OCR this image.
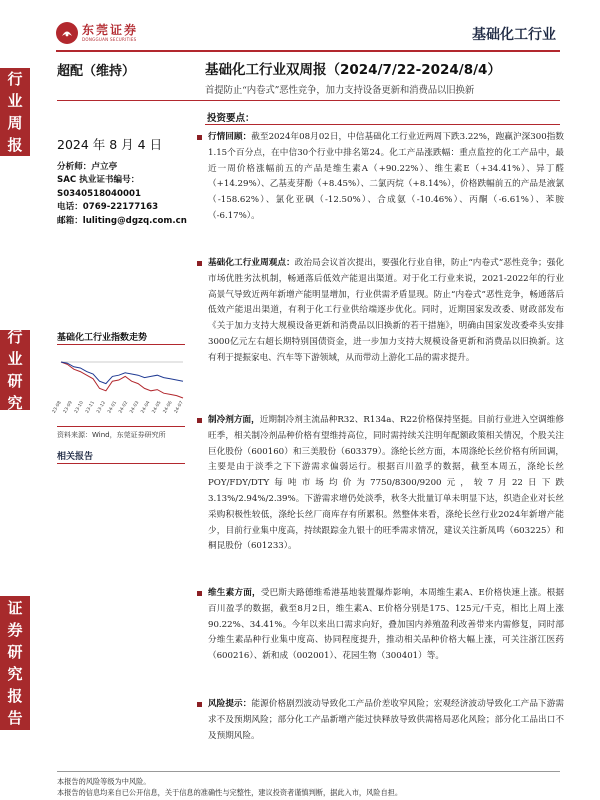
东莞证券
DONGGUAN SECURITIES	基础化工行业
行
业
周
报
行
业
研
究
证
券
研
究
报
告
超配（维持）	基础化工行业双周报（2024/7/22-2024/8/4）
首提防止“内卷式”恶性竞争，加力支持设备更新和消费品以旧换新
2024 年 8 月 4 日
分析师：卢立亭
SAC 执业证书编号：
S0340518040001
电话：0769-22177163
邮箱：luliting@dgzq.com.cn
基础化工行业指数走势
23-08 23-09 23-10 23-11 23-12 24-01 24-02 24-03 24-04 24-05 24-06 24-07
资料来源：Wind，东莞证券研究所
相关报告
投资要点：
行情回顾：截至2024年08月02日，中信基础化工行业近两周下跌3.22%，跑赢沪深300指数1.15个百分点，在中信30个行业中排名第24。化工产品涨跌幅：重点监控的化工产品中，最近一周价格涨幅前五的产品是维生素A（+90.22%）、维生素E（+34.41%）、异丁醛（+14.29%）、乙基麦芽酚（+8.45%）、二氯丙烷（+8.14%），价格跌幅前五的产品是液氯（-158.62%）、氯化亚砜（-12.50%）、合成氨（-10.46%）、丙酮（-6.61%）、苯胺（-6.17%）。
基础化工行业周观点：政治局会议首次提出，要强化行业自律，防止“内卷式”恶性竞争；强化市场优胜劣汰机制，畅通落后低效产能退出渠道。对于化工行业来说，2021-2022年的行业高景气导致近两年新增产能明显增加，行业供需矛盾显现。防止“内卷式”恶性竞争，畅通落后低效产能退出渠道，有利于化工行业供给端逐步优化。同时，近期国家发改委、财政部发布《关于加力支持大规模设备更新和消费品以旧换新的若干措施》，明确由国家发改委牵头安排3000亿元左右超长期特别国债资金，进一步加力支持大规模设备更新和消费品以旧换新。这有利于提振家电、汽车等下游领域，从而带动上游化工品的需求提升。
制冷剂方面，近期制冷剂主流品种R32、R134a、R22价格保持坚挺。目前行业进入空调维修旺季，相关制冷剂品种价格有望维持高位，同时需持续关注明年配额政策相关情况，个股关注巨化股份（600160）和三美股份（603379）。涤纶长丝方面，本周涤纶长丝价格有所回调，主要是由于淡季之下下游需求偏弱运行。根据百川盈孚的数据，截至本周五，涤纶长丝POY/FDY/DTY每吨市场均价为7750/8300/9200元，较7月22日下跌3.13%/2.94%/2.39%。下游需求增仍处淡季，秋冬大批量订单未明显下达，织造企业对长丝采购积极性较低，涤纶长丝厂商库存有所累积。然整体来看，涤纶长丝行业2024年新增产能少，目前行业集中度高，持续跟踪金九银十的旺季需求情况，建议关注新凤鸣（603225）和桐昆股份（601233）。
维生素方面，受巴斯夫路德维希港基地装置爆炸影响，本周维生素A、E价格快速上涨。根据百川盈孚的数据，截至8月2日，维生素A、E价格分别是175、125元/千克，相比上周上涨90.22%、34.41%。今年以来出口需求向好，叠加国内养殖盈利改善带来内需修复，同时部分维生素品种行业集中度高、协同程度提升，推动相关品种价格大幅上涨，可关注浙江医药（600216）、新和成（002001）、花园生物（300401）等。
风险提示：能源价格剧烈波动导致化工产品价差收窄风险；宏观经济波动导致化工产品下游需求不及预期风险；部分化工产品新增产能过快释放导致供需格局恶化风险；部分化工品出口不及预期风险。
本报告的风险等级为中风险。
本报告的信息均来自已公开信息，关于信息的准确性与完整性，建议投资者谨慎判断，据此入市，风险自担。
